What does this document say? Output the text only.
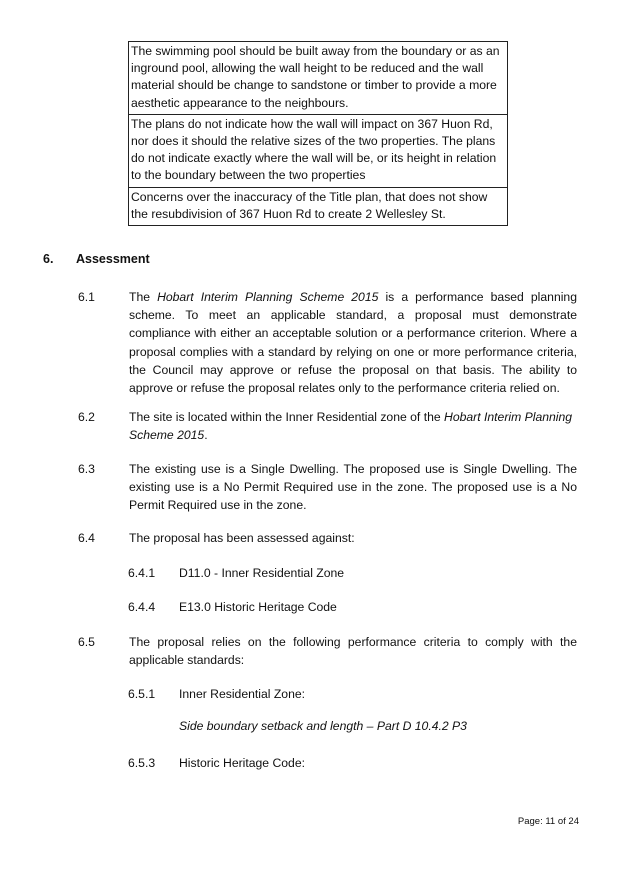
The swimming pool should be built away from the boundary or as an inground pool, allowing the wall height to be reduced and the wall material should be change to sandstone or timber to provide a more aesthetic appearance to the neighbours.
The plans do not indicate how the wall will impact on 367 Huon Rd, nor does it should the relative sizes of the two properties. The plans do not indicate exactly where the wall will be, or its height in relation to the boundary between the two properties
Concerns over the inaccuracy of the Title plan, that does not show the resubdivision of 367 Huon Rd to create 2 Wellesley St.
6. Assessment
6.1	The Hobart Interim Planning Scheme 2015 is a performance based planning scheme. To meet an applicable standard, a proposal must demonstrate compliance with either an acceptable solution or a performance criterion. Where a proposal complies with a standard by relying on one or more performance criteria, the Council may approve or refuse the proposal on that basis. The ability to approve or refuse the proposal relates only to the performance criteria relied on.
6.2	The site is located within the Inner Residential zone of the Hobart Interim Planning Scheme 2015.
6.3	The existing use is a Single Dwelling. The proposed use is Single Dwelling. The existing use is a No Permit Required use in the zone. The proposed use is a No Permit Required use in the zone.
6.4	The proposal has been assessed against:
6.4.1 D11.0 - Inner Residential Zone
6.4.4 E13.0 Historic Heritage Code
6.5	The proposal relies on the following performance criteria to comply with the applicable standards:
6.5.1 Inner Residential Zone:
Side boundary setback and length – Part D 10.4.2 P3
6.5.3 Historic Heritage Code:
Page: 11 of 24
